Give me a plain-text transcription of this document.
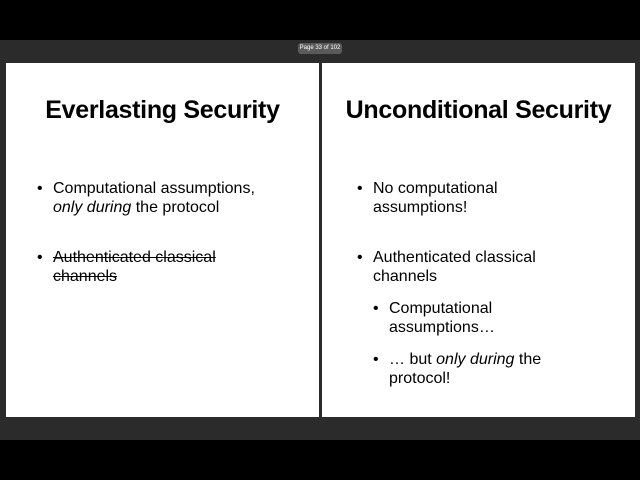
Page 33 of 102
Everlasting Security
• Computational assumptions,
only during the protocol
• Authenticated classical
channels
Unconditional Security
• No computational
assumptions!
• Authenticated classical
channels
• Computational
assumptions…
• … but only during the
protocol!
